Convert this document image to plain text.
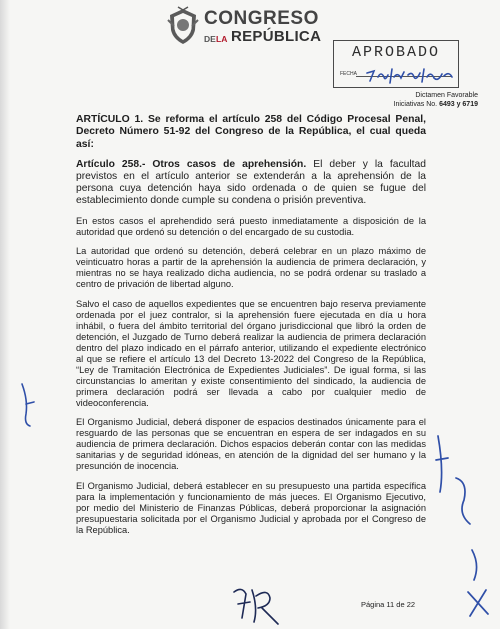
CONGRESO
DE LA REPÚBLICA
APROBADO
FECHA
Dictamen Favorable
Iniciativas No. 6493 y 6719

ARTÍCULO 1. Se reforma el artículo 258 del Código Procesal Penal, Decreto Número 51-92 del Congreso de la República, el cual queda así:

Artículo 258.- Otros casos de aprehensión. El deber y la facultad previstos en el artículo anterior se extenderán a la aprehensión de la persona cuya detención haya sido ordenada o de quien se fugue del establecimiento donde cumple su condena o prisión preventiva.

En estos casos el aprehendido será puesto inmediatamente a disposición de la autoridad que ordenó su detención o del encargado de su custodia.

La autoridad que ordenó su detención, deberá celebrar en un plazo máximo de veinticuatro horas a partir de la aprehensión la audiencia de primera declaración, y mientras no se haya realizado dicha audiencia, no se podrá ordenar su traslado a centro de privación de libertad alguno.

Salvo el caso de aquellos expedientes que se encuentren bajo reserva previamente ordenada por el juez contralor, si la aprehensión fuere ejecutada en día u hora inhábil, o fuera del ámbito territorial del órgano jurisdiccional que libró la orden de detención, el Juzgado de Turno deberá realizar la audiencia de primera declaración dentro del plazo indicado en el párrafo anterior, utilizando el expediente electrónico al que se refiere el artículo 13 del Decreto 13-2022 del Congreso de la República, “Ley de Tramitación Electrónica de Expedientes Judiciales”. De igual forma, si las circunstancias lo ameritan y existe consentimiento del sindicado, la audiencia de primera declaración podrá ser llevada a cabo por cualquier medio de videoconferencia.

El Organismo Judicial, deberá disponer de espacios destinados únicamente para el resguardo de las personas que se encuentran en espera de ser indagados en su audiencia de primera declaración. Dichos espacios deberán contar con las medidas sanitarias y de seguridad idóneas, en atención de la dignidad del ser humano y la presunción de inocencia.

El Organismo Judicial, deberá establecer en su presupuesto una partida específica para la implementación y funcionamiento de más jueces. El Organismo Ejecutivo, por medio del Ministerio de Finanzas Públicas, deberá proporcionar la asignación presupuestaria solicitada por el Organismo Judicial y aprobada por el Congreso de la República.

Página 11 de 22
